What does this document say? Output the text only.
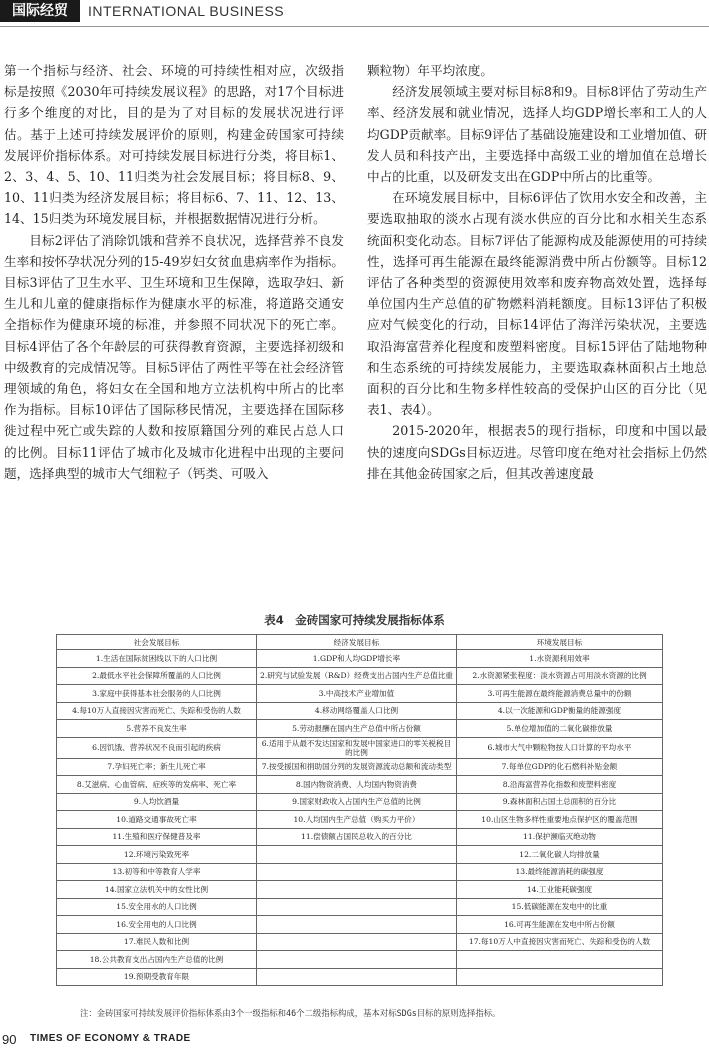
国际经贸	INTERNATIONAL BUSINESS

第一个指标与经济、社会、环境的可持续性相对应，次级指标是按照《2030年可持续发展议程》的思路，对17个目标进行多个维度的对比，目的是为了对目标的发展状况进行评估。基于上述可持续发展评价的原则，构建金砖国家可持续发展评价指标体系。对可持续发展目标进行分类，将目标1、2、3、4、5、10、11归类为社会发展目标；将目标8、9、10、11归类为经济发展目标；将目标6、7、11、12、13、14、15归类为环境发展目标，并根据数据情况进行分析。

目标2评估了消除饥饿和营养不良状况，选择营养不良发生率和按怀孕状况分列的15-49岁妇女贫血患病率作为指标。目标3评估了卫生水平、卫生环境和卫生保障，选取孕妇、新生儿和儿童的健康指标作为健康水平的标准，将道路交通安全指标作为健康环境的标准，并参照不同状况下的死亡率。目标4评估了各个年龄层的可获得教育资源，主要选择初级和中级教育的完成情况等。目标5评估了两性平等在社会经济管理领域的角色，将妇女在全国和地方立法机构中所占的比率作为指标。目标10评估了国际移民情况，主要选择在国际移徙过程中死亡或失踪的人数和按原籍国分列的难民占总人口的比例。目标11评估了城市化及城市化进程中出现的主要问题，选择典型的城市大气细粒子（钙类、可吸入

颗粒物）年平均浓度。

经济发展领域主要对标目标8和9。目标8评估了劳动生产率、经济发展和就业情况，选择人均GDP增长率和工人的人均GDP贡献率。目标9评估了基础设施建设和工业增加值、研发人员和科技产出，主要选择中高级工业的增加值在总增长中占的比重，以及研发支出在GDP中所占的比重等。

在环境发展目标中，目标6评估了饮用水安全和改善，主要选取抽取的淡水占现有淡水供应的百分比和水相关生态系统面积变化动态。目标7评估了能源构成及能源使用的可持续性，选择可再生能源在最终能源消费中所占份额等。目标12评估了各种类型的资源使用效率和废弃物高效处置，选择每单位国内生产总值的矿物燃料消耗额度。目标13评估了积极应对气候变化的行动，目标14评估了海洋污染状况，主要选取沿海富营养化程度和废塑料密度。目标15评估了陆地物种和生态系统的可持续发展能力，主要选取森林面积占土地总面积的百分比和生物多样性较高的受保护山区的百分比（见表1、表4）。

2015-2020年，根据表5的现行指标，印度和中国以最快的速度向SDGs目标迈进。尽管印度在绝对社会指标上仍然排在其他金砖国家之后，但其改善速度最

表4　金砖国家可持续发展指标体系
社会发展目标	经济发展目标	环境发展目标
1.生活在国际贫困线以下的人口比例	1.GDP和人均GDP增长率	1.水资源利用效率
2.最低水平社会保障所覆盖的人口比例	2.研究与试验发展（R&D）经费支出占国内生产总值比重	2.水资源紧张程度：淡水资源占可用淡水资源的比例
3.家庭中获得基本社会服务的人口比例	3.中高技术产业增加值	3.可再生能源在最终能源消费总量中的份额
4.每10万人直接因灾害而死亡、失踪和受伤的人数	4.移动网络覆盖人口比例	4.以一次能源和GDP衡量的能源强度
5.营养不良发生率	5.劳动报酬在国内生产总值中所占份额	5.单位增加值的二氧化碳排放量
6.因饥饿、营养状况不良而引起的疾病	6.适用于从最不发达国家和发展中国家进口的零关税税目的比例	6.城市大气中颗粒物按人口计算的平均水平
7.孕妇死亡率；新生儿死亡率	7.按受援国和捐助国分列的发展资源流动总额和流动类型	7.每单位GDP的化石燃料补贴金额
8.艾滋病、心血管病、症疾等的发病率、死亡率	8.国内物资消费、人均国内物资消费	8.沿海富营养化指数和废塑料密度
9.人均饮酒量	9.国家财政收入占国内生产总值的比例	9.森林面积占国土总面积的百分比
10.道路交通事故死亡率	10.人均国内生产总值（购买力平价）	10.山区生物多样性重要地点保护区的覆盖范围
11.生殖和医疗保健普及率	11.偿债额占国民总收入的百分比	11.保护濒临灭绝动物
12.环境污染致死率		12.二氧化碳人均排放量
13.初等和中等教育人学率		13.最终能源消耗的碳强度
14.国家立法机关中的女性比例		14.工业能耗碳强度
15.安全用水的人口比例		15.低碳能源在发电中的比重
16.安全用电的人口比例		16.可再生能源在发电中所占份额
17.难民人数和比例		17.每10万人中直接因灾害而死亡、失踪和受伤的人数
18.公共教育支出占国内生产总值的比例		
19.预期受教育年限		
注：金砖国家可持续发展评价指标体系由3个一级指标和46个二级指标构成，基本对标SDGs目标的原则选择指标。
90 TIMES OF ECONOMY & TRADE
